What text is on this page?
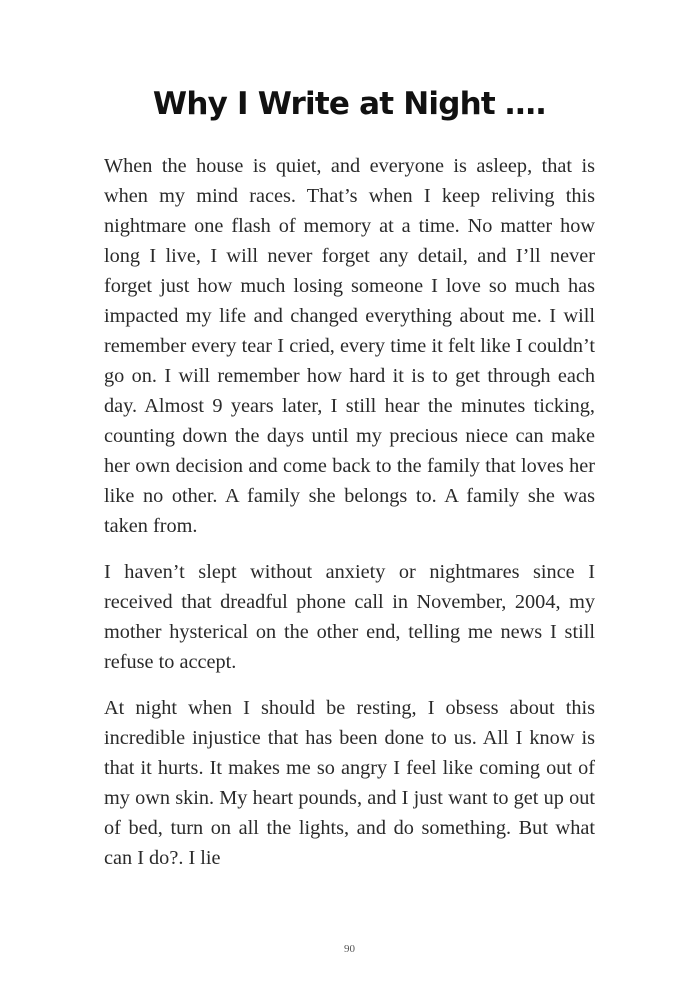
Why I Write at Night ….

When the house is quiet, and everyone is asleep, that is when my mind races. That’s when I keep reliving this nightmare one flash of memory at a time. No matter how long I live, I will never forget any detail, and I’ll never forget just how much losing someone I love so much has impacted my life and changed everything about me. I will remember every tear I cried, every time it felt like I couldn’t go on. I will remember how hard it is to get through each day. Almost 9 years later, I still hear the minutes ticking, counting down the days until my precious niece can make her own decision and come back to the family that loves her like no other. A family she belongs to. A family she was taken from.

I haven’t slept without anxiety or nightmares since I received that dreadful phone call in November, 2004, my mother hysterical on the other end, telling me news I still refuse to accept.

At night when I should be resting, I obsess about this incredible injustice that has been done to us. All I know is that it hurts. It makes me so angry I feel like coming out of my own skin. My heart pounds, and I just want to get up out of bed, turn on all the lights, and do something. But what can I do?. I lie

90
